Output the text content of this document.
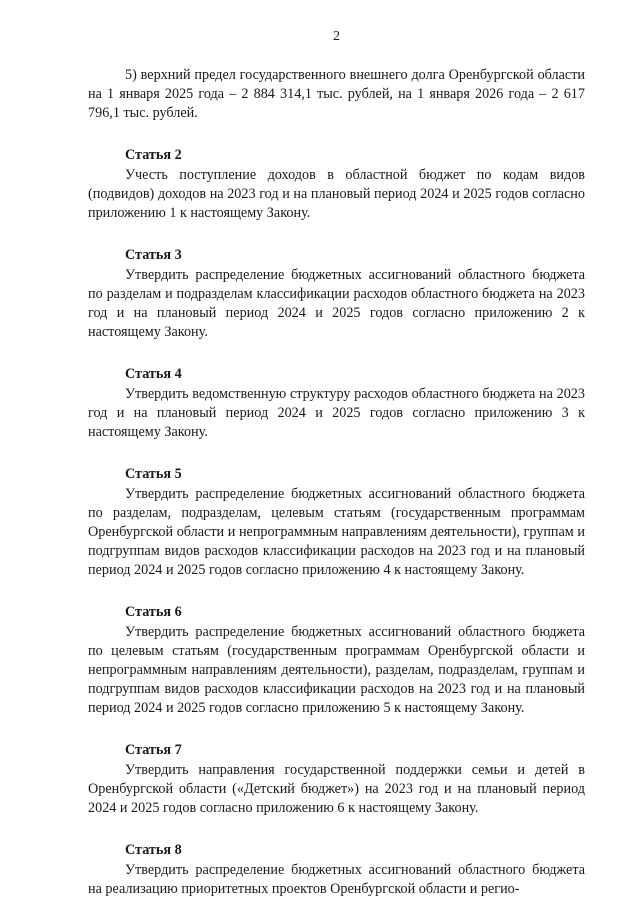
2

5) верхний предел государственного внешнего долга Оренбургской области на 1 января 2025 года – 2 884 314,1 тыс. рублей, на 1 января 2026 года – 2 617 796,1 тыс. рублей.

Статья 2

Учесть поступление доходов в областной бюджет по кодам видов (подвидов) доходов на 2023 год и на плановый период 2024 и 2025 годов согласно приложению 1 к настоящему Закону.

Статья 3

Утвердить распределение бюджетных ассигнований областного бюджета по разделам и подразделам классификации расходов областного бюджета на 2023 год и на плановый период 2024 и 2025 годов согласно приложению 2 к настоящему Закону.

Статья 4

Утвердить ведомственную структуру расходов областного бюджета на 2023 год и на плановый период 2024 и 2025 годов согласно приложению 3 к настоящему Закону.

Статья 5

Утвердить распределение бюджетных ассигнований областного бюджета по разделам, подразделам, целевым статьям (государственным программам Оренбургской области и непрограммным направлениям деятельности), группам и подгруппам видов расходов классификации расходов на 2023 год и на плановый период 2024 и 2025 годов согласно приложению 4 к настоящему Закону.

Статья 6

Утвердить распределение бюджетных ассигнований областного бюджета по целевым статьям (государственным программам Оренбургской области и непрограммным направлениям деятельности), разделам, подразделам, группам и подгруппам видов расходов классификации расходов на 2023 год и на плановый период 2024 и 2025 годов согласно приложению 5 к настоящему Закону.

Статья 7

Утвердить направления государственной поддержки семьи и детей в Оренбургской области («Детский бюджет») на 2023 год и на плановый период 2024 и 2025 годов согласно приложению 6 к настоящему Закону.

Статья 8

Утвердить распределение бюджетных ассигнований областного бюджета на реализацию приоритетных проектов Оренбургской области и регио-
